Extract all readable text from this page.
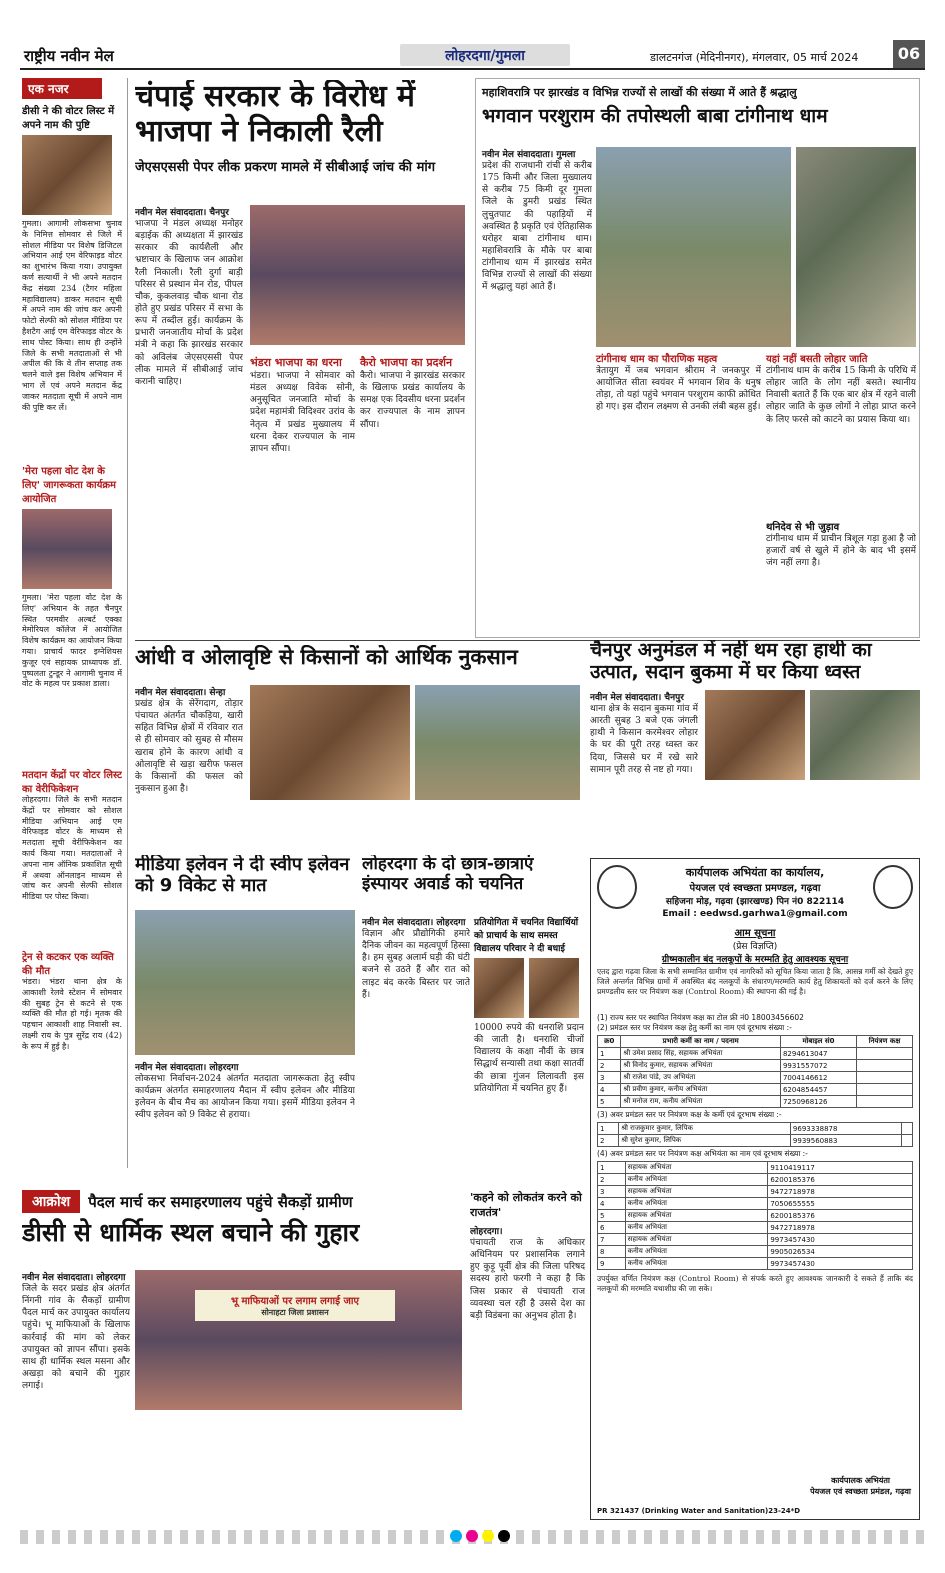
राष्ट्रीय नवीन मेल	लोहरदगा/गुमला	डालटनगंज (मेदिनीनगर), मंगलवार, 05 मार्च 2024	06
एक नजर
डीसी ने की वोटर लिस्ट में अपने नाम की पुष्टि
गुमला। आगामी लोकसभा चुनाव के निमित्त सोमवार से जिले में सोशल मीडिया पर विशेष डिजिटल अभियान आई एम वेरिफाइड वोटर का शुभारंभ किया गया। उपायुक्त कर्ण सत्यार्थी ने भी अपने मतदान केंद्र संख्या 234 (टैगर महिला महाविद्यालय) डाकर मतदान सूची में अपने नाम की जांच कर अपनी फोटो सेल्फी को सोशल मीडिया पर हैशटैग आई एम वेरिफाइड वोटर के साथ पोस्ट किया। साथ ही उन्होंने जिले के सभी मतदाताओं से भी अपील की कि वे तीन सप्ताह तक चलने वाले इस विशेष अभियान में भाग लें एवं अपने मतदान केंद्र जाकर मतदाता सूची में अपने नाम की पुष्टि कर लें।
'मेरा पहला वोट देश के लिए' जागरूकता कार्यक्रम आयोजित
गुमला। 'मेरा पहला वोट देश के लिए' अभियान के तहत चैनपुर स्थित परमवीर अल्बर्ट एक्का मेमोरियल कॉलेज में आयोजित विशेष कार्यक्रम का आयोजन किया गया। प्राचार्य फादर इग्नेशियस कुजूर एवं सहायक प्राध्यापक डॉ. पुष्पलता टुन्डूर ने आगामी चुनाव में वोट के महत्व पर प्रकाश डाला।
मतदान केंद्रों पर वोटर लिस्ट का वेरीफिकेशन
लोहरदगा। जिले के सभी मतदान केंद्रों पर सोमवार को सोशल मीडिया अभियान आई एम वेरिफाइड वोटर के माध्यम से मतदाता सूची वेरीफिकेशन का कार्य किया गया। मतदाताओं ने अपना नाम ऑनिक प्रकाशित सूची में अथवा ऑनलाइन माध्यम से जांच कर अपनी सेल्फी सोशल मीडिया पर पोस्ट किया।
ट्रेन से कटकर एक व्यक्ति की मौत
भंडरा। भंडरा थाना क्षेत्र के आकाशी रेलवे स्टेशन में सोमवार की सुबह ट्रेन से कटने से एक व्यक्ति की मौत हो गई। मृतक की पहचान आकाशी शाह निवासी स्व. लक्ष्मी राय के पुत्र सुरेंद्र राय (42) के रूप में हुई है।
चंपाई सरकार के विरोध में भाजपा ने निकाली रैली
जेएसएससी पेपर लीक प्रकरण मामले में सीबीआई जांच की मांग
नवीन मेल संवाददाता। चैनपुर
भाजपा ने मंडल अध्यक्ष मनोहर बड़ाईक की अध्यक्षता में झारखंड सरकार की कार्यशैली और भ्रष्टाचार के खिलाफ जन आक्रोश रैली निकाली। रैली दुर्गा बाड़ी परिसर से प्रस्थान मेन रोड, पीपल चौक, कुकलवाड़ चौक थाना रोड होते हुए प्रखंड परिसर में सभा के रूप में तब्दील हुई। कार्यक्रम के प्रभारी जनजातीय मोर्चा के प्रदेश मंत्री ने कहा कि झारखंड सरकार को अविलंब जेएसएससी पेपर लीक मामले में सीबीआई जांच करानी चाहिए।
भंडरा भाजपा का धरना
भंडरा। भाजपा ने सोमवार को मंडल अध्यक्ष विवेक सोनी, अनुसूचित जनजाति मोर्चा के प्रदेश महामंत्री विदिश्वर उरांव के नेतृत्व में प्रखंड मुख्यालय में धरना देकर राज्यपाल के नाम ज्ञापन सौंपा।
कैरो भाजपा का प्रदर्शन
कैरो। भाजपा ने झारखंड सरकार के खिलाफ प्रखंड कार्यालय के समक्ष एक दिवसीय धरना प्रदर्शन कर राज्यपाल के नाम ज्ञापन सौंपा।
महाशिवरात्रि पर झारखंड व विभिन्न राज्यों से लाखों की संख्या में आते हैं श्रद्धालु
भगवान परशुराम की तपोस्थली बाबा टांगीनाथ धाम
नवीन मेल संवाददाता। गुमला
प्रदेश की राजधानी रांची से करीब 175 किमी और जिला मुख्यालय से करीब 75 किमी दूर गुमला जिले के डुमरी प्रखंड स्थित लुचुतपाट की पहाड़ियों में अवस्थित है प्रकृति एवं ऐतिहासिक धरोहर बाबा टांगीनाथ धाम। महाशिवरात्रि के मौके पर बाबा टांगीनाथ धाम में झारखंड समेत विभिन्न राज्यों से लाखों की संख्या में श्रद्धालु यहां आते हैं।
टांगीनाथ धाम का पौराणिक महत्व
त्रेतायुग में जब भगवान श्रीराम ने जनकपुर में आयोजित सीता स्वयंवर में भगवान शिव के धनुष तोड़ा, तो यहां पहुंचे भगवान परशुराम काफी क्रोधित हो गए। इस दौरान लक्ष्मण से उनकी लंबी बहस हुई।
यहां नहीं बसती लोहार जाति
टांगीनाथ धाम के करीब 15 किमी के परिधि में लोहार जाति के लोग नहीं बसते। स्थानीय निवासी बताते हैं कि एक बार क्षेत्र में रहने वाली लोहार जाति के कुछ लोगों ने लोहा प्राप्त करने के लिए फरसे को काटने का प्रयास किया था।
थनिदेव से भी जुड़ाव
टांगीनाथ धाम में प्राचीन त्रिशूल गड़ा हुआ है जो हजारों वर्ष से खुले में होने के बाद भी इसमें जंग नहीं लगा है।
आंधी व ओलावृष्टि से किसानों को आर्थिक नुकसान
नवीन मेल संवाददाता। सेन्हा
प्रखंड क्षेत्र के सेरेंगदाग, तोड़ार पंचायत अंतर्गत चौकड़िया, खारी सहित विभिन्न क्षेत्रों में रविवार रात से ही सोमवार को सुबह से मौसम खराब होने के कारण आंधी व ओलावृष्टि से खड़ा खरीफ फसल के किसानों की फसल को नुकसान हुआ है।
चैनपुर अनुमंडल में नहीं थम रहा हाथी का उत्पात, सदान बुकमा में घर किया ध्वस्त
नवीन मेल संवाददाता। चैनपुर
थाना क्षेत्र के सदान बुकमा गांव में आरती सुबह 3 बजे एक जंगली हाथी ने किसान करमेश्वर लोहार के घर की पूरी तरह ध्वस्त कर दिया, जिससे घर में रखे सारे सामान पूरी तरह से नष्ट हो गया।
मीडिया इलेवन ने दी स्वीप इलेवन को 9 विकेट से मात
नवीन मेल संवाददाता। लोहरदगा
लोकसभा निर्वाचन-2024 अंतर्गत मतदाता जागरूकता हेतु स्वीप कार्यक्रम अंतर्गत समाहरणालय मैदान में स्वीप इलेवन और मीडिया इलेवन के बीच मैच का आयोजन किया गया। इसमें मीडिया इलेवन ने स्वीप इलेवन को 9 विकेट से हराया।
लोहरदगा के दो छात्र-छात्राएं इंस्पायर अवार्ड को चयनित
नवीन मेल संवाददाता। लोहरदगा
विज्ञान और प्रौद्योगिकी हमारे दैनिक जीवन का महत्वपूर्ण हिस्सा है। हम सुबह अलार्म घड़ी की घंटी बजने से उठते हैं और रात को लाइट बंद करके बिस्तर पर जाते हैं।
प्रतियोगिता में चयनित विद्यार्थियों को प्राचार्य के साथ समस्त विद्यालय परिवार ने दी बधाई

10000 रुपये की धनराशि प्रदान की जाती है। धनराशि चीजों विद्यालय के कक्षा नौवीं के छात्र सिद्धार्थ सन्यासी तथा कक्षा सातवीं की छात्रा गुंजन लिलावती इस प्रतियोगिता में चयनित हुए हैं।
आक्रोश	पैदल मार्च कर समाहरणालय पहुंचे सैकड़ों ग्रामीण
डीसी से धार्मिक स्थल बचाने की गुहार
नवीन मेल संवाददाता। लोहरदगा
जिले के सदर प्रखंड क्षेत्र अंतर्गत निंगनी गांव के सैकड़ों ग्रामीण पैदल मार्च कर उपायुक्त कार्यालय पहुंचे। भू माफियाओं के खिलाफ कार्रवाई की मांग को लेकर उपायुक्त को ज्ञापन सौंपा। इसके साथ ही धार्मिक स्थल मसना और अखड़ा को बचाने की गुहार लगाई।
भू माफियाओं पर लगाम लगाई जाए
सोनाहटा जिला प्रशासन
'कहने को लोकतंत्र करने को राजतंत्र'
लोहरदगा।
पंचायती राज के अधिकार अधिनियम पर प्रशासनिक लगाने हुए कुड़ू पूर्वी क्षेत्र की जिला परिषद सदस्य हारो फरगी ने कहा है कि जिस प्रकार से पंचायती राज व्यवस्था चल रही है उससे देश का बड़ी विडंबना का अनुभव होता है।
कार्यपालक अभियंता का कार्यालय,
पेयजल एवं स्वच्छता प्रमण्डल, गढ़वा
सहिजना मोड़, गढ़वा (झारखण्ड) पिन नं0 822114
Email : eedwsd.garhwa1@gmail.com
आम सूचना
(प्रेस विज्ञप्ति)
ग्रीष्मकालीन बंद नलकूपों के मरम्मति हेतु आवश्यक सूचना
एतद द्वारा गढ़वा जिला के सभी सम्मानित ग्रामीण एवं नागरिकों को सूचित किया जाता है कि, आसन्न गर्मी को देखते हुए जिले अन्तर्गत विभिन्न ग्रामों में अवस्थित बंद नलकूपों के संधारण/मरम्मति कार्य हेतु शिकायतों को दर्ज करने के लिए प्रमण्डलीय स्तर पर नियंत्रण कक्ष (Control Room) की स्थापना की गई है।
(1) राज्य स्तर पर स्थापित नियंत्रण कक्ष का टोल फ्री नं0 18003456602
(2) प्रमंडल स्तर पर नियंत्रण कक्ष हेतु कर्मी का नाम एवं दूरभाष संख्या :-
क्र0	प्रभारी कर्मी का नाम / पदनाम	मोबाइल सं0	नियंत्रण कक्ष
1	श्री उमेश प्रसाद सिंह, सहायक अभियंता	8294613047	
2	श्री विनोद कुमार, सहायक अभियंता	9931557072	
3	श्री राजेश पांडे, उप अभियंता	7004146612	
4	श्री प्रवीण कुमार, कनीय अभियंता	6204854457	
5	श्री मनोज राम, कनीय अभियंता	7250968126	
(3) अवर प्रमंडल स्तर पर नियंत्रण कक्ष के कर्मी एवं दूरभाष संख्या :-
1	श्री राजकुमार कुमार, लिपिक	9693338878	
2	श्री सुरेश कुमार, लिपिक	9939560883	
(4) अवर प्रमंडल स्तर पर नियंत्रण कक्ष अभियंता का नाम एवं दूरभाष संख्या :-
1	सहायक अभियंता	9110419117
2	कनीय अभियंता	6200185376
3	सहायक अभियंता	9472718978
4	कनीय अभियंता	7050655555
5	सहायक अभियंता	6200185376
6	कनीय अभियंता	9472718978
7	सहायक अभियंता	9973457430
8	कनीय अभियंता	9905026534
9	कनीय अभियंता	9973457430
उपर्युक्त वर्णित नियंत्रण कक्ष (Control Room) से संपर्क करते हुए आवश्यक जानकारी दे सकते हैं ताकि बंद नलकूपों की मरम्मति यथाशीघ्र की जा सके।
कार्यपालक अभियंता
पेयजल एवं स्वच्छता प्रमंडल, गढ़वा
PR 321437 (Drinking Water and Sanitation)23-24*D
